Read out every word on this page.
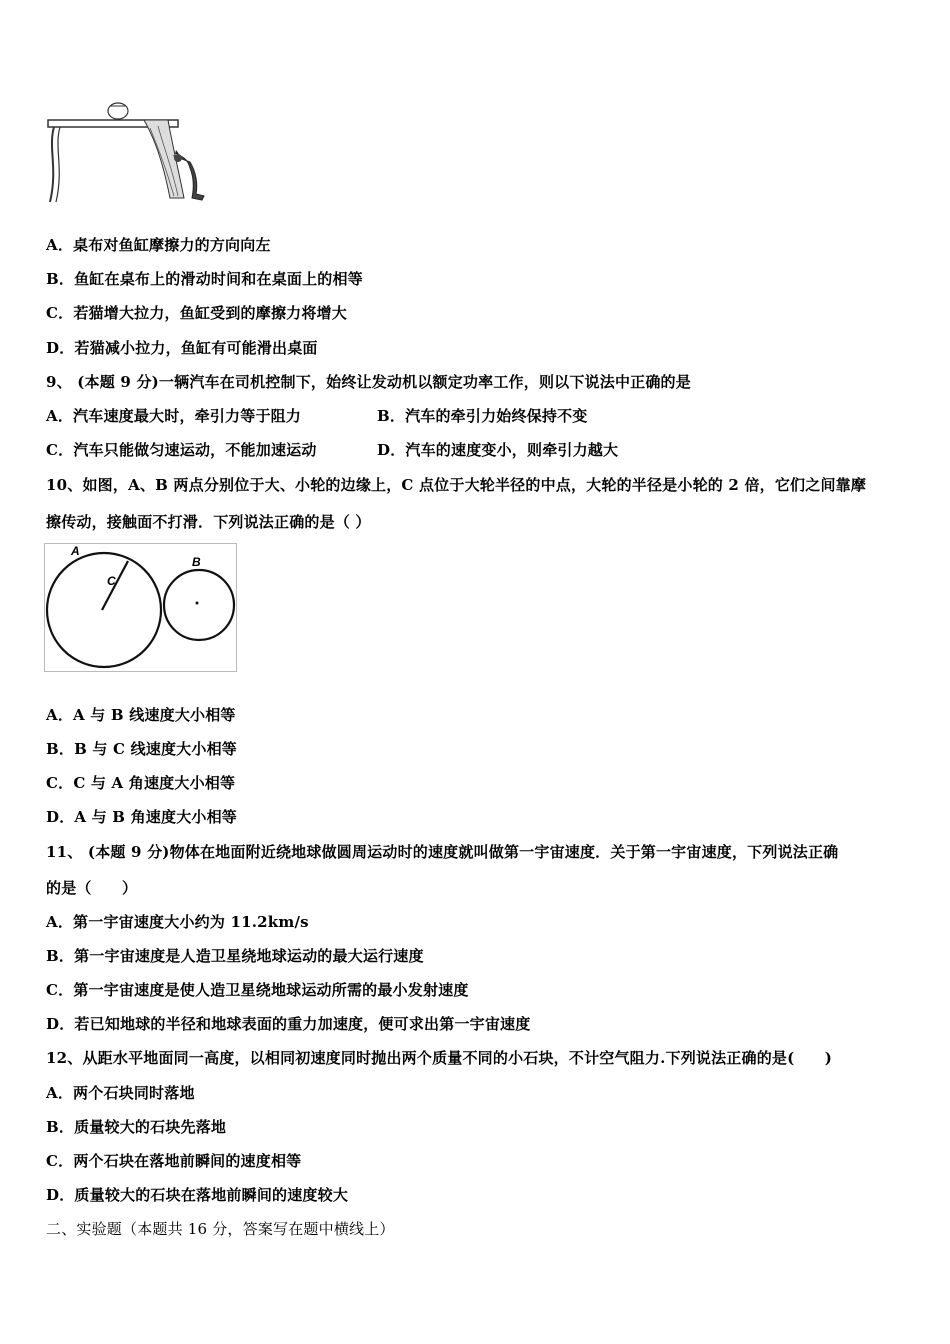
A．桌布对鱼缸摩擦力的方向向左
B．鱼缸在桌布上的滑动时间和在桌面上的相等
C．若猫增大拉力，鱼缸受到的摩擦力将增大
D．若猫减小拉力，鱼缸有可能滑出桌面
9、 (本题 9 分)一辆汽车在司机控制下，始终让发动机以额定功率工作，则以下说法中正确的是
A．汽车速度最大时，牵引力等于阻力	B．汽车的牵引力始终保持不变
C．汽车只能做匀速运动，不能加速运动	D．汽车的速度变小，则牵引力越大
10、如图，A、B 两点分别位于大、小轮的边缘上，C 点位于大轮半径的中点，大轮的半径是小轮的 2 倍，它们之间靠摩
擦传动，接触面不打滑．下列说法正确的是（ ）
A
C
B
A．A 与 B 线速度大小相等
B．B 与 C 线速度大小相等
C．C 与 A 角速度大小相等
D．A 与 B 角速度大小相等
11、 (本题 9 分)物体在地面附近绕地球做圆周运动时的速度就叫做第一宇宙速度．关于第一宇宙速度，下列说法正确
的是（　　）
A．第一宇宙速度大小约为 11.2km/s
B．第一宇宙速度是人造卫星绕地球运动的最大运行速度
C．第一宇宙速度是使人造卫星绕地球运动所需的最小发射速度
D．若已知地球的半径和地球表面的重力加速度，便可求出第一宇宙速度
12、从距水平地面同一高度，以相同初速度同时抛出两个质量不同的小石块，不计空气阻力.下列说法正确的是(　　)
A．两个石块同时落地
B．质量较大的石块先落地
C．两个石块在落地前瞬间的速度相等
D．质量较大的石块在落地前瞬间的速度较大
二、实验题（本题共 16 分，答案写在题中横线上）
